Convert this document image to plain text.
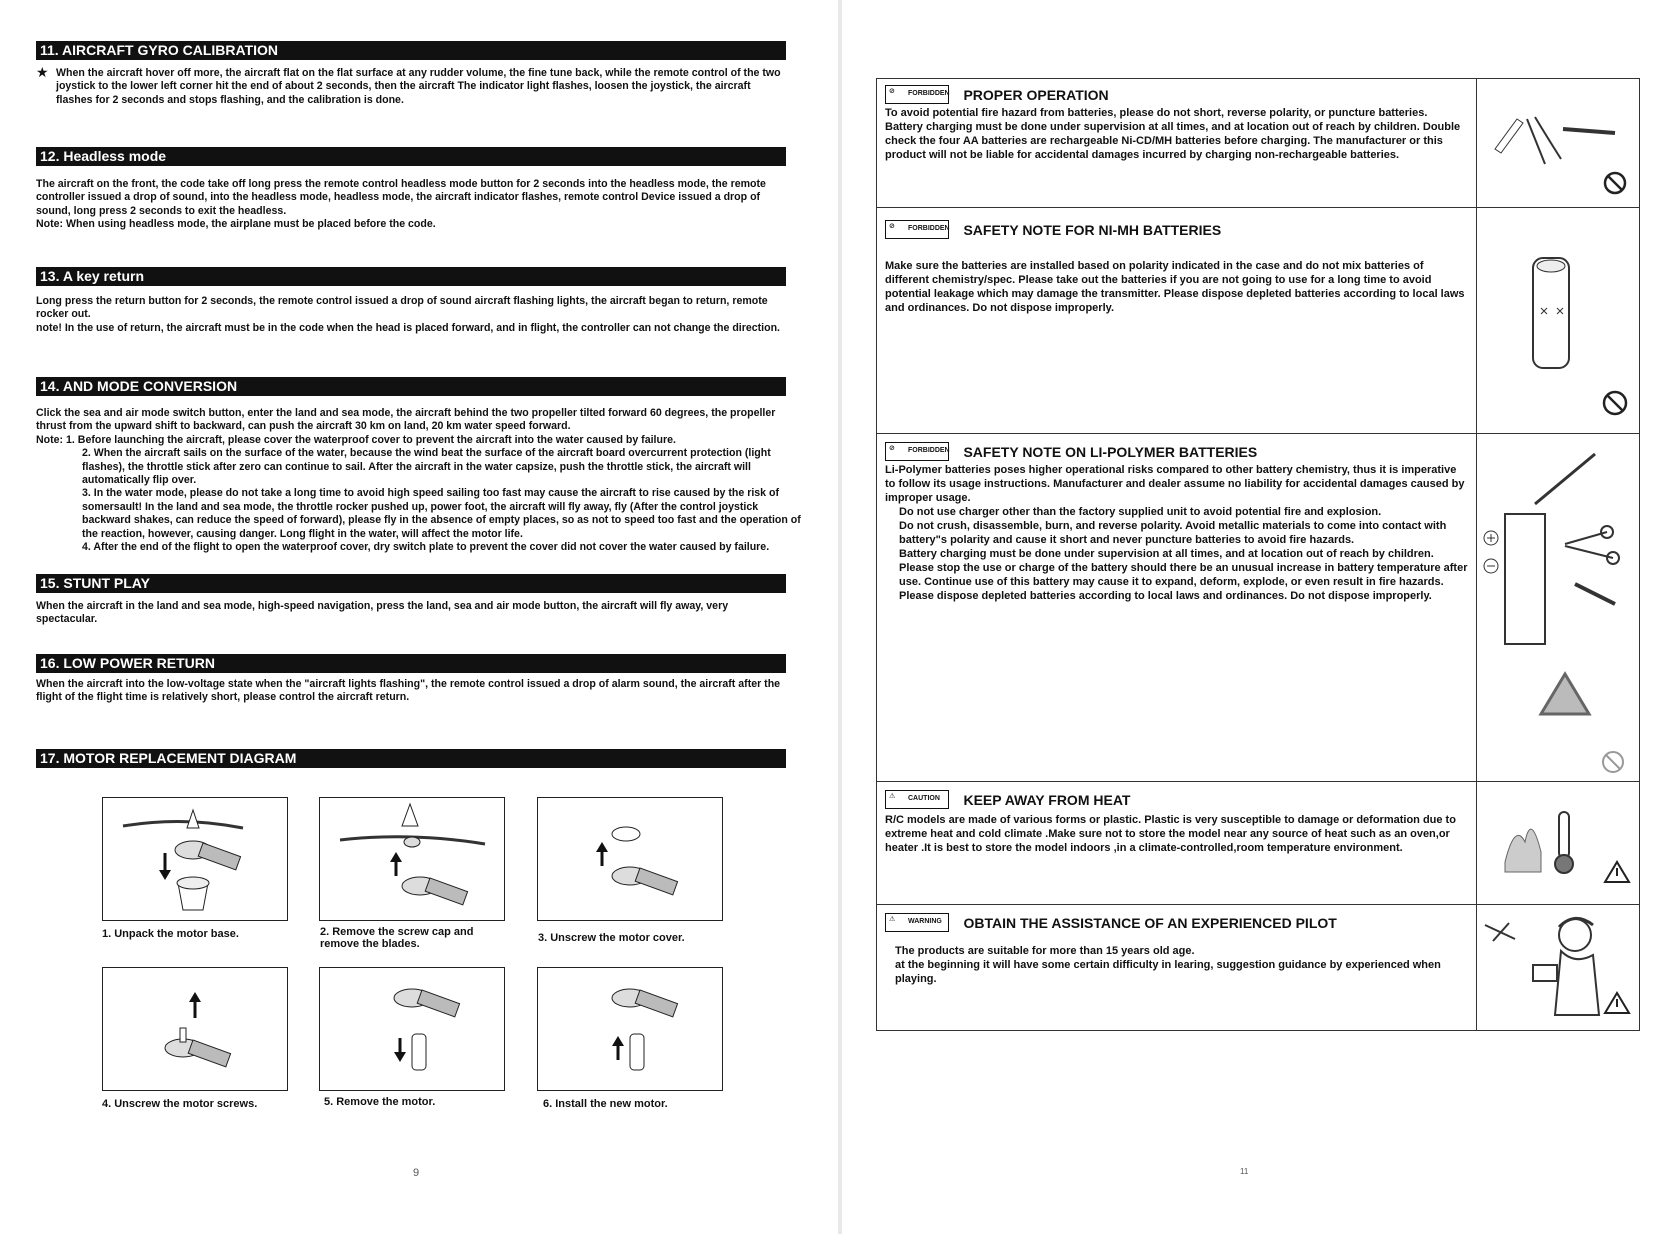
11. AIRCRAFT GYRO CALIBRATION
★ When the aircraft hover off more, the aircraft flat on the flat surface at any rudder volume, the fine tune back, while the remote control of the two joystick to the lower left corner hit the end of about 2 seconds, then the aircraft The indicator light flashes, loosen the joystick, the aircraft flashes for 2 seconds and stops flashing, and the calibration is done.

12. Headless mode

The aircraft on the front, the code take off long press the remote control headless mode button for 2 seconds into the headless mode, the remote controller issued a drop of sound, into the headless mode, headless mode, the aircraft indicator flashes, remote control Device issued a drop of sound, long press 2 seconds to exit the headless.

Note: When using headless mode, the airplane must be placed before the code.

13. A key return

Long press the return button for 2 seconds, the remote control issued a drop of sound aircraft flashing lights, the aircraft began to return, remote rocker out.

note! In the use of return, the aircraft must be in the code when the head is placed forward, and in flight, the controller can not change the direction.

14. AND MODE CONVERSION

Click the sea and air mode switch button, enter the land and sea mode, the aircraft behind the two propeller tilted forward 60 degrees, the propeller thrust from the upward shift to backward, can push the aircraft 30 km on land, 20 km water speed forward.

Note: 1. Before launching the aircraft, please cover the waterproof cover to prevent the aircraft into the water caused by failure.

2. When the aircraft sails on the surface of the water, because the wind beat the surface of the aircraft board overcurrent protection (light flashes), the throttle stick after zero can continue to sail. After the aircraft in the water capsize, push the throttle stick, the aircraft will automatically flip over.

3. In the water mode, please do not take a long time to avoid high speed sailing too fast may cause the aircraft to rise caused by the risk of somersault! In the land and sea mode, the throttle rocker pushed up, power foot, the aircraft will fly away, fly (After the control joystick backward shakes, can reduce the speed of forward), please fly in the absence of empty places, so as not to speed too fast and the operation of the reaction, however, causing danger. Long flight in the water, will affect the motor life.

4. After the end of the flight to open the waterproof cover, dry switch plate to prevent the cover did not cover the water caused by failure.

15. STUNT PLAY

When the aircraft in the land and sea mode, high-speed navigation, press the land, sea and air mode button, the aircraft will fly away, very spectacular.

16. LOW POWER RETURN

When the aircraft into the low-voltage state when the "aircraft lights flashing", the remote control issued a drop of alarm sound, the aircraft after the flight of the flight time is relatively short, please control the aircraft return.

17. MOTOR REPLACEMENT DIAGRAM
1. Unpack the motor base.	2. Remove the screw cap and remove the blades.	3. Unscrew the motor cover.
4. Unscrew the motor screws.	5. Remove the motor.	6. Install the new motor.
9
⊘ FORBIDDEN PROPER OPERATION

To avoid potential fire hazard from batteries, please do not short, reverse polarity, or puncture batteries. Battery charging must be done under supervision at all times, and at location out of reach by children. Double check the four AA batteries are rechargeable Ni-CD/MH batteries before charging. The manufacturer or this product will not be liable for accidental damages incurred by charging non-rechargeable batteries.

⊘ FORBIDDEN SAFETY NOTE FOR NI-MH BATTERIES

Make sure the batteries are installed based on polarity indicated in the case and do not mix batteries of different chemistry/spec. Please take out the batteries if you are not going to use for a long time to avoid potential leakage which may damage the transmitter. Please dispose depleted batteries according to local laws and ordinances. Do not dispose improperly.

⊘ FORBIDDEN SAFETY NOTE ON LI-POLYMER BATTERIES

Li-Polymer batteries poses higher operational risks compared to other battery chemistry, thus it is imperative to follow its usage instructions. Manufacturer and dealer assume no liability for accidental damages caused by improper usage.

Do not use charger other than the factory supplied unit to avoid potential fire and explosion.

Do not crush, disassemble, burn, and reverse polarity. Avoid metallic materials to come into contact with battery"s polarity and cause it short and never puncture batteries to avoid fire hazards.

Battery charging must be done under supervision at all times, and at location out of reach by children.

Please stop the use or charge of the battery should there be an unusual increase in battery temperature after use. Continue use of this battery may cause it to expand, deform, explode, or even result in fire hazards.

Please dispose depleted batteries according to local laws and ordinances. Do not dispose improperly.

⚠ CAUTION KEEP AWAY FROM HEAT

R/C models are made of various forms or plastic. Plastic is very susceptible to damage or deformation due to extreme heat and cold climate .Make sure not to store the model near any source of heat such as an oven,or heater .It is best to store the model indoors ,in a climate-controlled,room temperature environment.

⚠ WARNING OBTAIN THE ASSISTANCE OF AN EXPERIENCED PILOT

The products are suitable for more than 15 years old age.

at the beginning it will have some certain difficulty in learing, suggestion guidance by experienced when playing.

11
